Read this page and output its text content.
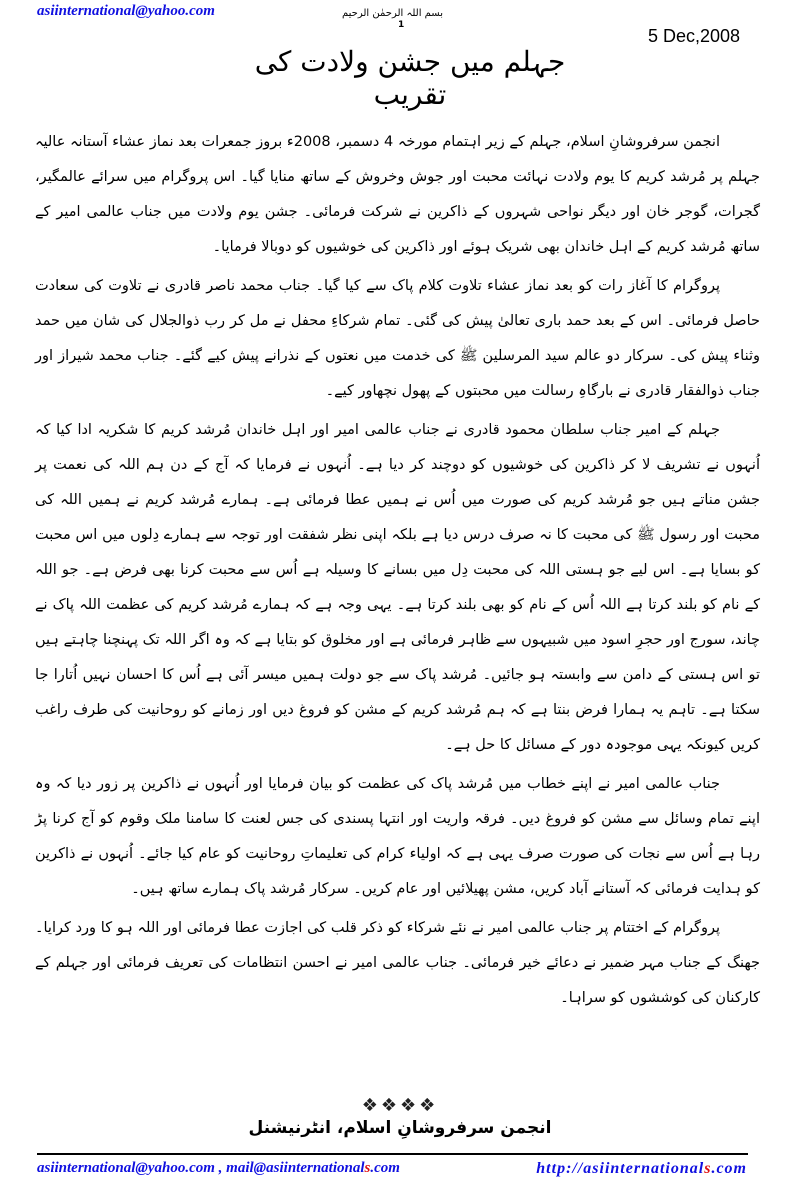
asiinternational@yahoo.com	بسم اللہ الرحمٰن الرحیم
1
5 Dec,2008
جہلم میں جشن ولادت کی تقریب

انجمن سرفروشانِ اسلام، جہلم کے زیر اہتمام مورخہ 4 دسمبر، 2008ء بروز جمعرات بعد نماز عشاء آستانہ عالیہ جہلم پر مُرشد کریم کا یوم ولادت نہائت محبت اور جوش وخروش کے ساتھ منایا گیا۔ اس پروگرام میں سرائے عالمگیر، گجرات، گوجر خان اور دیگر نواحی شہروں کے ذاکرین نے شرکت فرمائی۔ جشن یوم ولادت میں جناب عالمی امیر کے ساتھ مُرشد کریم کے اہل خاندان بھی شریک ہوئے اور ذاکرین کی خوشیوں کو دوبالا فرمایا۔

پروگرام کا آغاز رات کو بعد نماز عشاء تلاوت کلام پاک سے کیا گیا۔ جناب محمد ناصر قادری نے تلاوت کی سعادت حاصل فرمائی۔ اس کے بعد حمد باری تعالیٰ پیش کی گئی۔ تمام شرکاءِ محفل نے مل کر رب ذوالجلال کی شان میں حمد وثناء پیش کی۔ سرکار دو عالم سید المرسلین ﷺ کی خدمت میں نعتوں کے نذرانے پیش کیے گئے۔ جناب محمد شیراز اور جناب ذوالفقار قادری نے بارگاہِ رسالت میں محبتوں کے پھول نچھاور کیے۔

جہلم کے امیر جناب سلطان محمود قادری نے جناب عالمی امیر اور اہل خاندان مُرشد کریم کا شکریہ ادا کیا کہ اُنہوں نے تشریف لا کر ذاکرین کی خوشیوں کو دوچند کر دیا ہے۔ اُنہوں نے فرمایا کہ آج کے دن ہم اللہ کی نعمت پر جشن مناتے ہیں جو مُرشد کریم کی صورت میں اُس نے ہمیں عطا فرمائی ہے۔ ہمارے مُرشد کریم نے ہمیں اللہ کی محبت اور رسول ﷺ کی محبت کا نہ صرف درس دیا ہے بلکہ اپنی نظر شفقت اور توجہ سے ہمارے دِلوں میں اس محبت کو بسایا ہے۔ اس لیے جو ہستی اللہ کی محبت دِل میں بسانے کا وسیلہ ہے اُس سے محبت کرنا بھی فرض ہے۔ جو اللہ کے نام کو بلند کرتا ہے اللہ اُس کے نام کو بھی بلند کرتا ہے۔ یہی وجہ ہے کہ ہمارے مُرشد کریم کی عظمت اللہ پاک نے چاند، سورج اور حجرِ اسود میں شبیہوں سے ظاہر فرمائی ہے اور مخلوق کو بتایا ہے کہ وہ اگر اللہ تک پہنچنا چاہتے ہیں تو اس ہستی کے دامن سے وابستہ ہو جائیں۔ مُرشد پاک سے جو دولت ہمیں میسر آئی ہے اُس کا احسان نہیں اُتارا جا سکتا ہے۔ تاہم یہ ہمارا فرض بنتا ہے کہ ہم مُرشد کریم کے مشن کو فروغ دیں اور زمانے کو روحانیت کی طرف راغب کریں کیونکہ یہی موجودہ دور کے مسائل کا حل ہے۔

جناب عالمی امیر نے اپنے خطاب میں مُرشد پاک کی عظمت کو بیان فرمایا اور اُنہوں نے ذاکرین پر زور دیا کہ وہ اپنے تمام وسائل سے مشن کو فروغ دیں۔ فرقہ واریت اور انتہا پسندی کی جس لعنت کا سامنا ملک وقوم کو آج کرنا پڑ رہا ہے اُس سے نجات کی صورت صرف یہی ہے کہ اولیاء کرام کی تعلیماتِ روحانیت کو عام کیا جائے۔ اُنہوں نے ذاکرین کو ہدایت فرمائی کہ آستانے آباد کریں، مشن پھیلائیں اور عام کریں۔ سرکار مُرشد پاک ہمارے ساتھ ہیں۔

پروگرام کے اختتام پر جناب عالمی امیر نے نئے شرکاء کو ذکر قلب کی اجازت عطا فرمائی اور اللہ ہو کا ورد کرایا۔ جھنگ کے جناب مہر ضمیر نے دعائے خیر فرمائی۔ جناب عالمی امیر نے احسن انتظامات کی تعریف فرمائی اور جہلم کے کارکنان کی کوششوں کو سراہا۔

❖❖❖❖
انجمن سرفروشانِ اسلام، انٹرنیشنل
asiinternational@yahoo.com , mail@asiinternationals.com	http://asiinternationals.com
